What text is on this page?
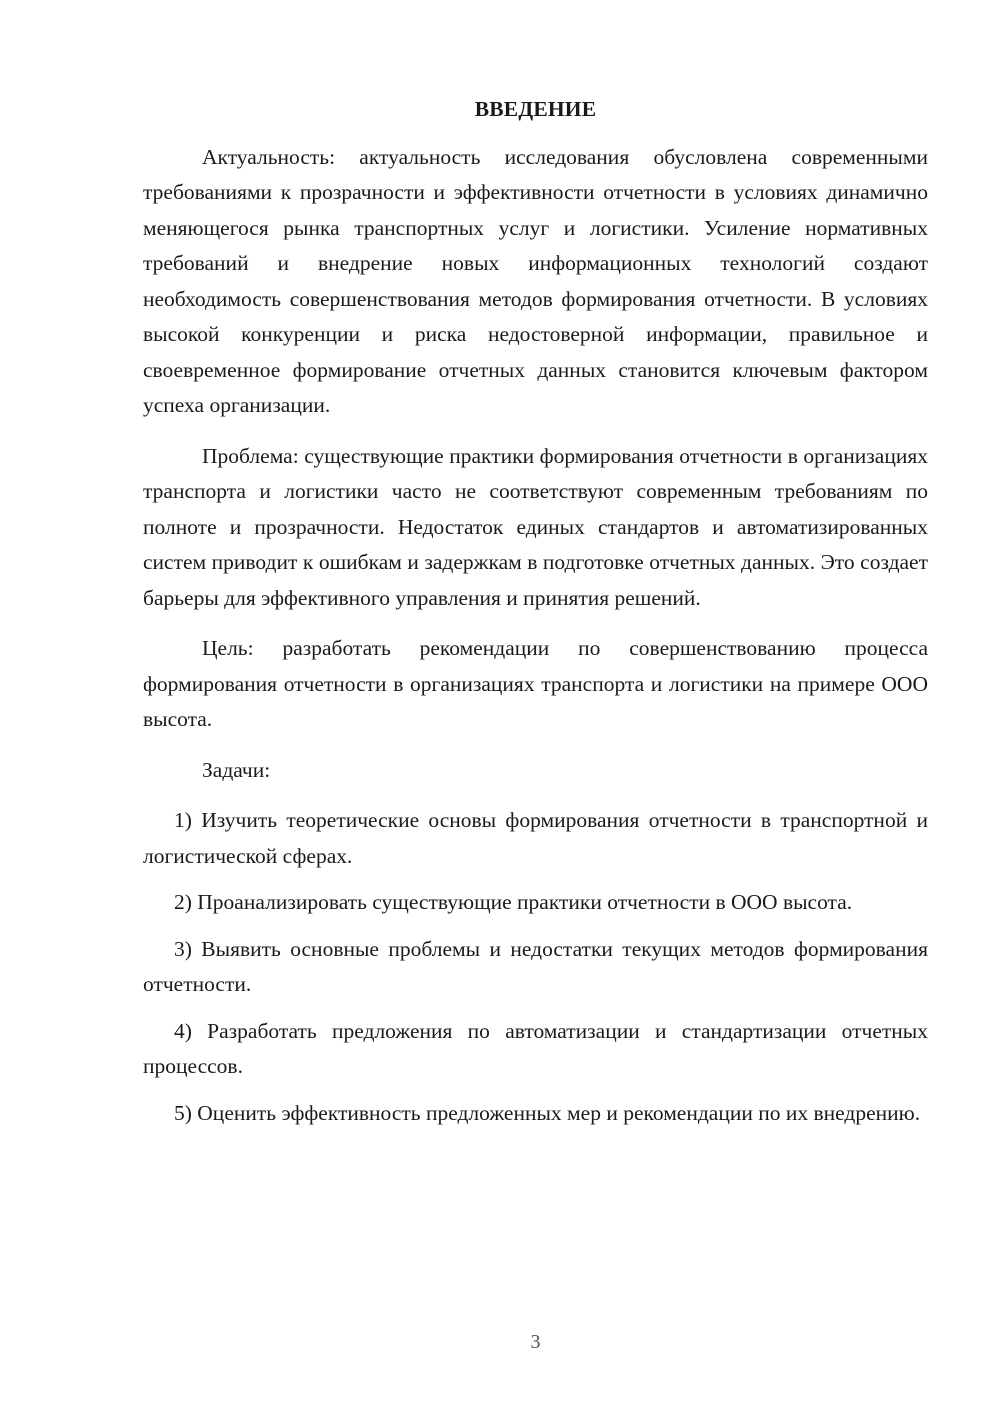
ВВЕДЕНИЕ

Актуальность: актуальность исследования обусловлена современными требованиями к прозрачности и эффективности отчетности в условиях динамично меняющегося рынка транспортных услуг и логистики. Усиление нормативных требований и внедрение новых информационных технологий создают необходимость совершенствования методов формирования отчетности. В условиях высокой конкуренции и риска недостоверной информации, правильное и своевременное формирование отчетных данных становится ключевым фактором успеха организации.

Проблема: существующие практики формирования отчетности в организациях транспорта и логистики часто не соответствуют современным требованиям по полноте и прозрачности. Недостаток единых стандартов и автоматизированных систем приводит к ошибкам и задержкам в подготовке отчетных данных. Это создает барьеры для эффективного управления и принятия решений.

Цель: разработать рекомендации по совершенствованию процесса формирования отчетности в организациях транспорта и логистики на примере ООО высота.

Задачи:

1) Изучить теоретические основы формирования отчетности в транспортной и логистической сферах.

2) Проанализировать существующие практики отчетности в ООО высота.

3) Выявить основные проблемы и недостатки текущих методов формирования отчетности.

4) Разработать предложения по автоматизации и стандартизации отчетных процессов.

5) Оценить эффективность предложенных мер и рекомендации по их внедрению.

3
